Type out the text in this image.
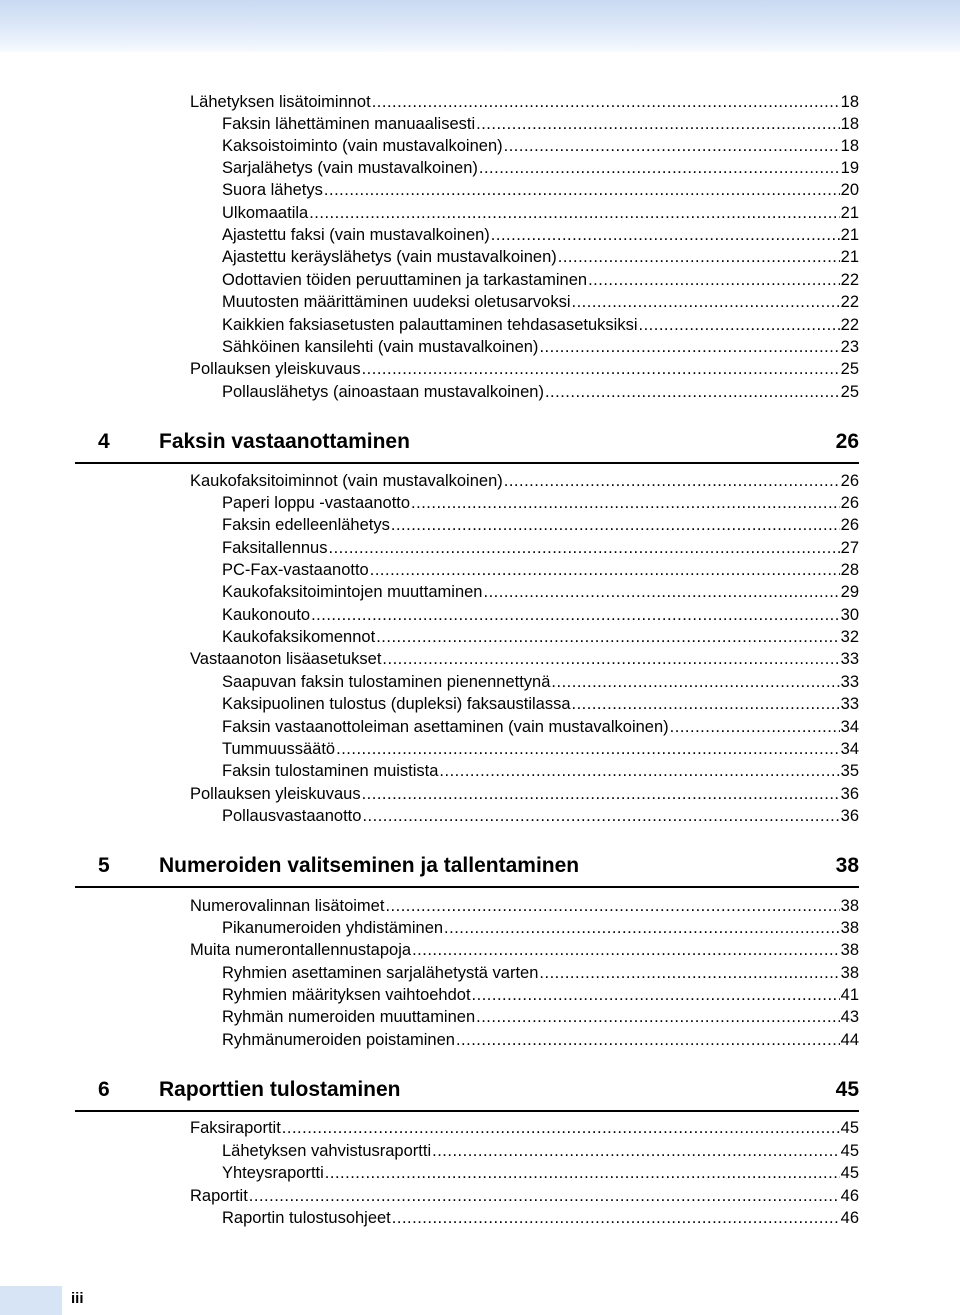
Lähetyksen lisätoiminnot .....	18
Faksin lähettäminen manuaalisesti .....	18
Kaksoistoiminto (vain mustavalkoinen) .....	18
Sarjalähetys (vain mustavalkoinen) .....	19
Suora lähetys .....	20
Ulkomaatila .....	21
Ajastettu faksi (vain mustavalkoinen) .....	21
Ajastettu keräyslähetys (vain mustavalkoinen) .....	21
Odottavien töiden peruuttaminen ja tarkastaminen .....	22
Muutosten määrittäminen uudeksi oletusarvoksi .....	22
Kaikkien faksiasetusten palauttaminen tehdasasetuksiksi .....	22
Sähköinen kansilehti (vain mustavalkoinen) .....	23
Pollauksen yleiskuvaus .....	25
Pollauslähetys (ainoastaan mustavalkoinen) .....	25
4 Faksin vastaanottaminen	26
Kaukofaksitoiminnot (vain mustavalkoinen) .....	26
Paperi loppu -vastaanotto .....	26
Faksin edelleenlähetys .....	26
Faksitallennus .....	27
PC-Fax-vastaanotto .....	28
Kaukofaksitoimintojen muuttaminen .....	29
Kaukonouto .....	30
Kaukofaksikomennot .....	32
Vastaanoton lisäasetukset .....	33
Saapuvan faksin tulostaminen pienennettynä .....	33
Kaksipuolinen tulostus (dupleksi) faksaustilassa .....	33
Faksin vastaanottoleiman asettaminen (vain mustavalkoinen) .....	34
Tummuussäätö .....	34
Faksin tulostaminen muistista .....	35
Pollauksen yleiskuvaus .....	36
Pollausvastaanotto .....	36
5 Numeroiden valitseminen ja tallentaminen	38
Numerovalinnan lisätoimet .....	38
Pikanumeroiden yhdistäminen .....	38
Muita numerontallennustapoja .....	38
Ryhmien asettaminen sarjalähetystä varten .....	38
Ryhmien määrityksen vaihtoehdot .....	41
Ryhmän numeroiden muuttaminen .....	43
Ryhmänumeroiden poistaminen .....	44
6 Raporttien tulostaminen	45
Faksiraportit .....	45
Lähetyksen vahvistusraportti .....	45
Yhteysraportti .....	45
Raportit .....	46
Raportin tulostusohjeet .....	46
iii
